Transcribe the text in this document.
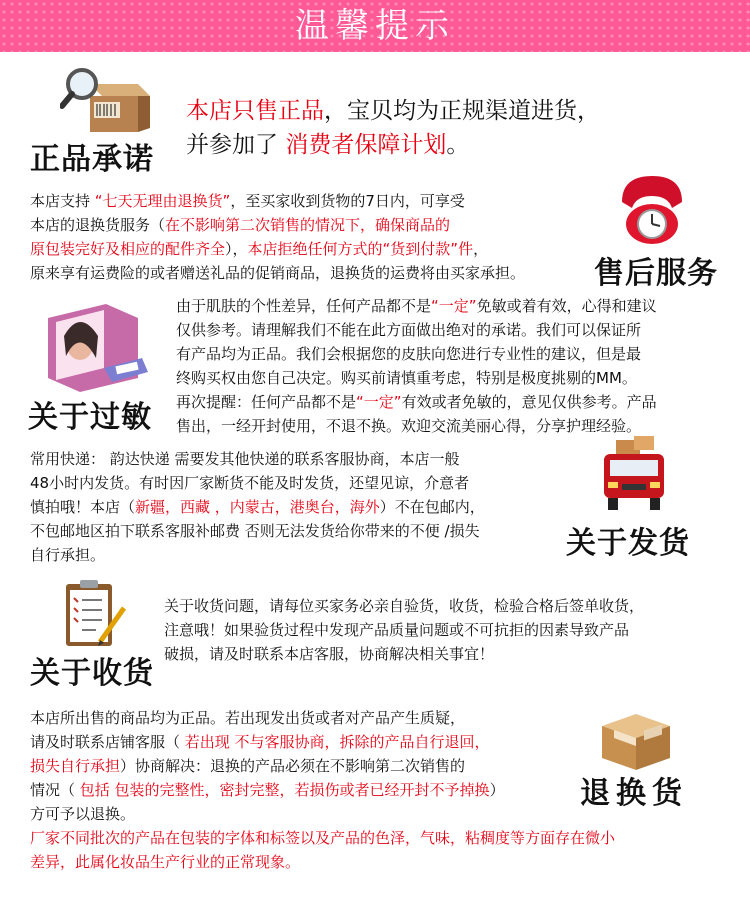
温馨提示
正品承诺
本店只售正品，宝贝均为正规渠道进货，
并参加了 消费者保障计划。
本店支持 “七天无理由退换货”，至买家收到货物的7日内，可享受
本店的退换货服务（在不影响第二次销售的情况下，确保商品的
原包装完好及相应的配件齐全），本店拒绝任何方式的“货到付款”件，
原来享有运费险的或者赠送礼品的促销商品，退换货的运费将由买家承担。	售后服务
关于过敏
由于肌肤的个性差异，任何产品都不是“一定”免敏或着有效，心得和建议
仅供参考。请理解我们不能在此方面做出绝对的承诺。我们可以保证所
有产品均为正品。我们会根据您的皮肤向您进行专业性的建议，但是最
终购买权由您自己决定。购买前请慎重考虑，特别是极度挑剔的MM。
再次提醒：任何产品都不是“一定”有效或者免敏的，意见仅供参考。产品
售出，一经开封使用，不退不换。欢迎交流美丽心得，分享护理经验。
常用快递： 韵达快递 需要发其他快递的联系客服协商，本店一般
48小时内发货。有时因厂家断货不能及时发货，还望见谅，介意者
慎拍哦！本店（新疆，西藏 ，内蒙古，港奥台，海外）不在包邮内，
不包邮地区拍下联系客服补邮费 否则无法发货给你带来的不便 /损失
自行承担。	关于发货
关于收货
关于收货问题，请每位买家务必亲自验货，收货，检验合格后签单收货，
注意哦！如果验货过程中发现产品质量问题或不可抗拒的因素导致产品
破损，请及时联系本店客服，协商解决相关事宜！
本店所出售的商品均为正品。若出现发出货或者对产品产生质疑，
请及时联系店铺客服（ 若出现 不与客服协商，拆除的产品自行退回，
损失自行承担）协商解决：退换的产品必须在不影响第二次销售的
情况（ 包括 包装的完整性，密封完整，若损伤或者已经开封不予掉换）
方可予以退换。
厂家不同批次的产品在包装的字体和标签以及产品的色泽，气味，粘稠度等方面存在微小
差异，此属化妆品生产行业的正常现象。
退换货
